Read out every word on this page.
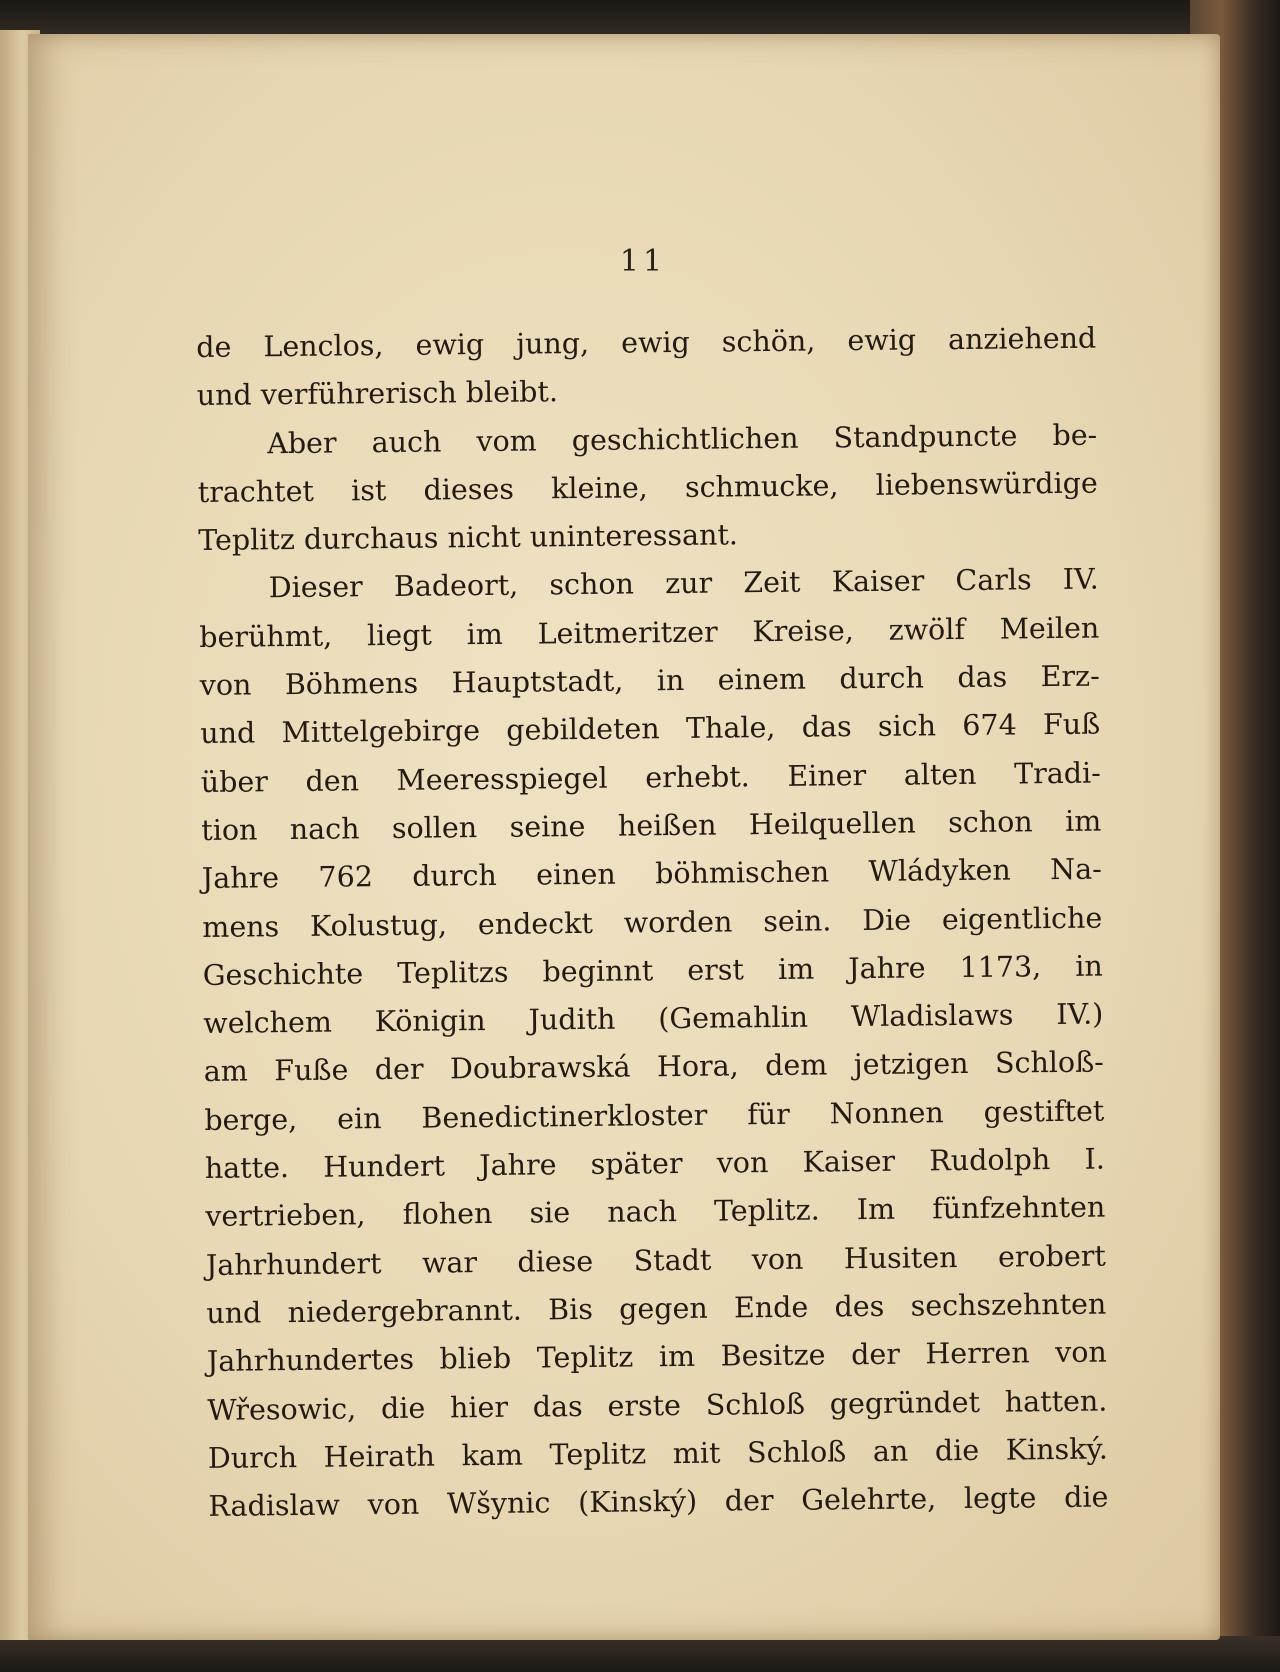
11
de Lenclos, ewig jung, ewig schön, ewig anziehend
und verführerisch bleibt.
Aber auch vom geschichtlichen Standpuncte be-
trachtet ist dieses kleine, schmucke, liebenswürdige
Teplitz durchaus nicht uninteressant.
Dieser Badeort, schon zur Zeit Kaiser Carls IV.
berühmt, liegt im Leitmeritzer Kreise, zwölf Meilen
von Böhmens Hauptstadt, in einem durch das Erz-
und Mittelgebirge gebildeten Thale, das sich 674 Fuß
über den Meeresspiegel erhebt. Einer alten Tradi-
tion nach sollen seine heißen Heilquellen schon im
Jahre 762 durch einen böhmischen Wládyken Na-
mens Kolustug, endeckt worden sein. Die eigentliche
Geschichte Teplitzs beginnt erst im Jahre 1173, in
welchem Königin Judith (Gemahlin Wladislaws IV.)
am Fuße der Doubrawská Hora, dem jetzigen Schloß-
berge, ein Benedictinerkloster für Nonnen gestiftet
hatte. Hundert Jahre später von Kaiser Rudolph I.
vertrieben, flohen sie nach Teplitz. Im fünfzehnten
Jahrhundert war diese Stadt von Husiten erobert
und niedergebrannt. Bis gegen Ende des sechszehnten
Jahrhundertes blieb Teplitz im Besitze der Herren von
Wřesowic, die hier das erste Schloß gegründet hatten.
Durch Heirath kam Teplitz mit Schloß an die Kinský.
Radislaw von Wšynic (Kinský) der Gelehrte, legte die
